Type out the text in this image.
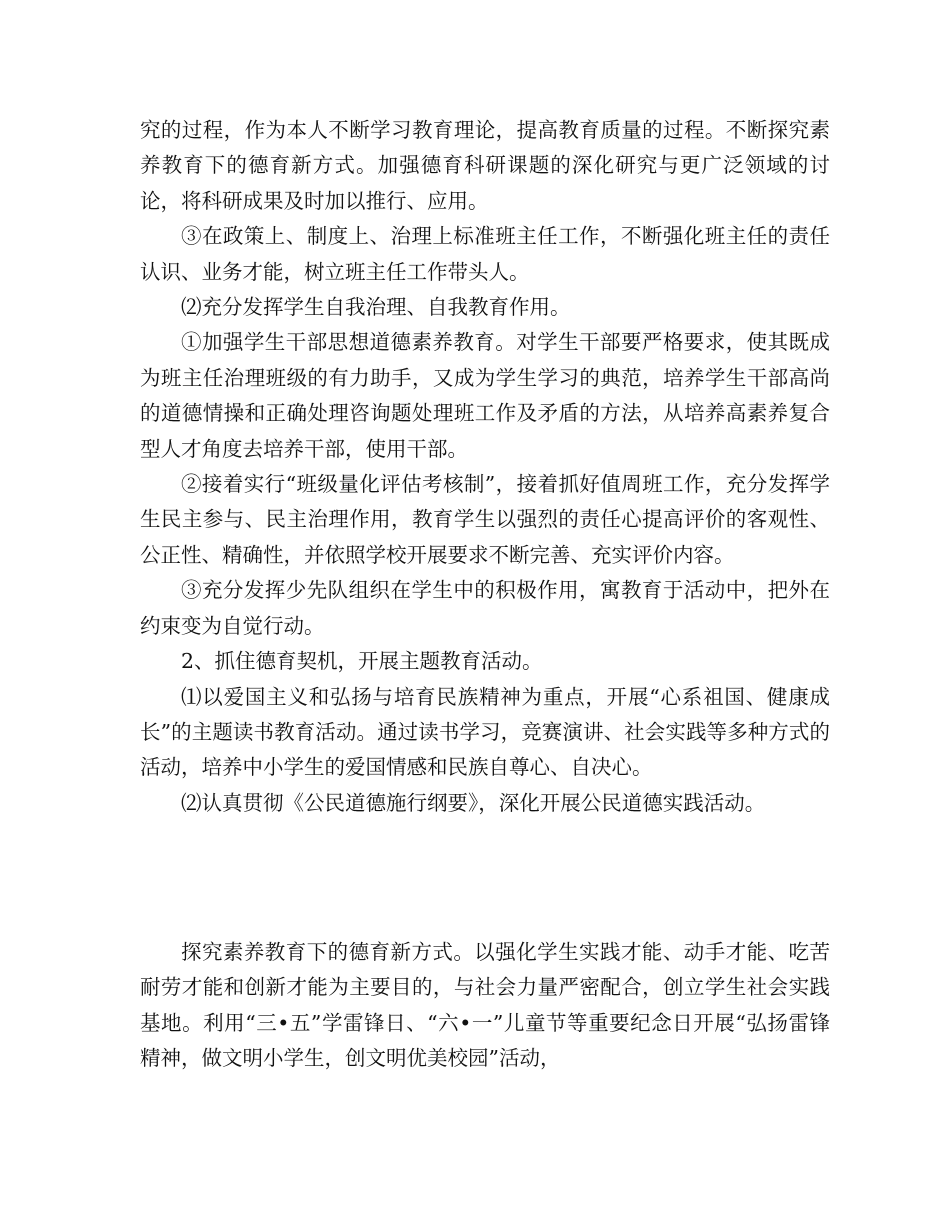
究的过程，作为本人不断学习教育理论，提高教育质量的过程。不断探究素养教育下的德育新方式。加强德育科研课题的深化研究与更广泛领域的讨论，将科研成果及时加以推行、应用。

③在政策上、制度上、治理上标准班主任工作，不断强化班主任的责任认识、业务才能，树立班主任工作带头人。

⑵充分发挥学生自我治理、自我教育作用。

①加强学生干部思想道德素养教育。对学生干部要严格要求，使其既成为班主任治理班级的有力助手，又成为学生学习的典范，培养学生干部高尚的道德情操和正确处理咨询题处理班工作及矛盾的方法，从培养高素养复合型人才角度去培养干部，使用干部。

②接着实行“班级量化评估考核制”，接着抓好值周班工作，充分发挥学生民主参与、民主治理作用，教育学生以强烈的责任心提高评价的客观性、公正性、精确性，并依照学校开展要求不断完善、充实评价内容。

③充分发挥少先队组织在学生中的积极作用，寓教育于活动中，把外在约束变为自觉行动。

2、抓住德育契机，开展主题教育活动。

⑴以爱国主义和弘扬与培育民族精神为重点，开展“心系祖国、健康成长”的主题读书教育活动。通过读书学习，竞赛演讲、社会实践等多种方式的活动，培养中小学生的爱国情感和民族自尊心、自决心。

⑵认真贯彻《公民道德施行纲要》，深化开展公民道德实践活动。

探究素养教育下的德育新方式。以强化学生实践才能、动手才能、吃苦耐劳才能和创新才能为主要目的，与社会力量严密配合，创立学生社会实践基地。利用“三•五”学雷锋日、“六•一”儿童节等重要纪念日开展“弘扬雷锋精神，做文明小学生，创文明优美校园”活动，
